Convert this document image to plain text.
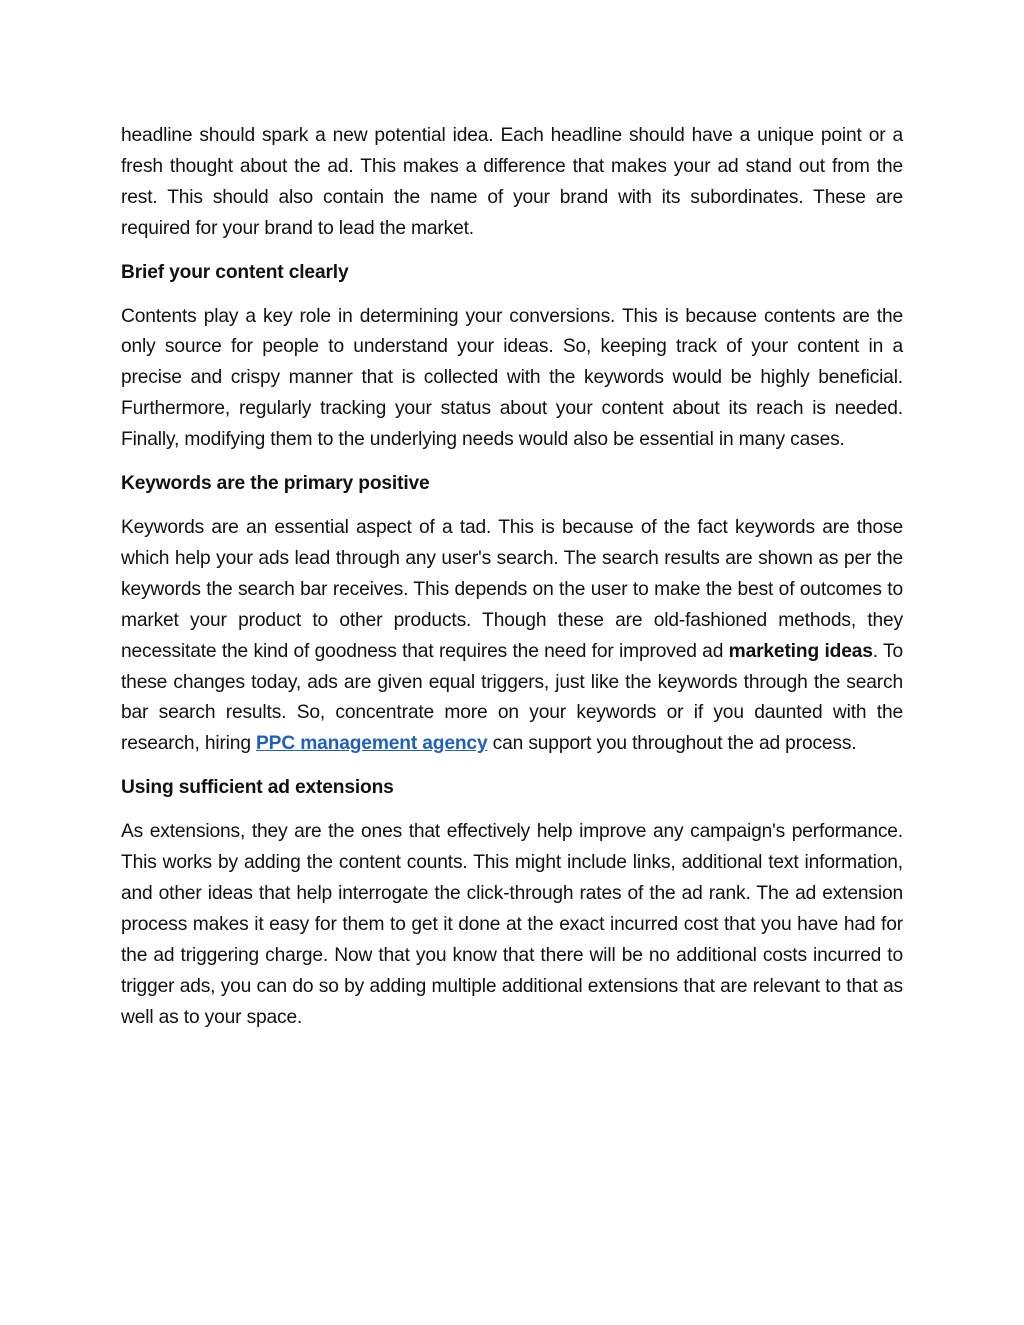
headline should spark a new potential idea. Each headline should have a unique point or a fresh thought about the ad. This makes a difference that makes your ad stand out from the rest. This should also contain the name of your brand with its subordinates. These are required for your brand to lead the market.

Brief your content clearly

Contents play a key role in determining your conversions. This is because contents are the only source for people to understand your ideas. So, keeping track of your content in a precise and crispy manner that is collected with the keywords would be highly beneficial. Furthermore, regularly tracking your status about your content about its reach is needed. Finally, modifying them to the underlying needs would also be essential in many cases.

Keywords are the primary positive

Keywords are an essential aspect of a tad. This is because of the fact keywords are those which help your ads lead through any user's search. The search results are shown as per the keywords the search bar receives. This depends on the user to make the best of outcomes to market your product to other products. Though these are old-fashioned methods, they necessitate the kind of goodness that requires the need for improved ad marketing ideas. To these changes today, ads are given equal triggers, just like the keywords through the search bar search results. So, concentrate more on your keywords or if you daunted with the research, hiring PPC management agency can support you throughout the ad process.

Using sufficient ad extensions

As extensions, they are the ones that effectively help improve any campaign's performance. This works by adding the content counts. This might include links, additional text information, and other ideas that help interrogate the click-through rates of the ad rank. The ad extension process makes it easy for them to get it done at the exact incurred cost that you have had for the ad triggering charge. Now that you know that there will be no additional costs incurred to trigger ads, you can do so by adding multiple additional extensions that are relevant to that as well as to your space.
